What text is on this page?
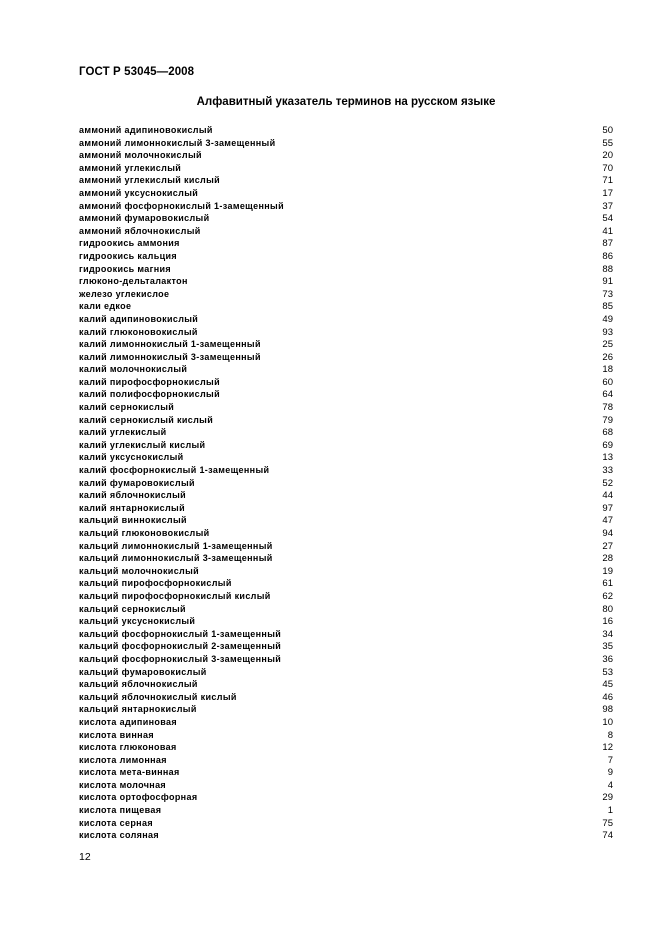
ГОСТ Р 53045—2008
Алфавитный указатель терминов на русском языке
аммоний адипиновокислый	50
аммоний лимоннокислый 3-замещенный	55
аммоний молочнокислый	20
аммоний углекислый	70
аммоний углекислый кислый	71
аммоний уксуснокислый	17
аммоний фосфорнокислый 1-замещенный	37
аммоний фумаровокислый	54
аммоний яблочнокислый	41
гидроокись аммония	87
гидроокись кальция	86
гидроокись магния	88
глюконо-дельталактон	91
железо углекислое	73
кали едкое	85
калий адипиновокислый	49
калий глюконовокислый	93
калий лимоннокислый 1-замещенный	25
калий лимоннокислый 3-замещенный	26
калий молочнокислый	18
калий пирофосфорнокислый	60
калий полифосфорнокислый	64
калий сернокислый	78
калий сернокислый кислый	79
калий углекислый	68
калий углекислый кислый	69
калий уксуснокислый	13
калий фосфорнокислый 1-замещенный	33
калий фумаровокислый	52
калий яблочнокислый	44
калий янтарнокислый	97
кальций виннокислый	47
кальций глюконовокислый	94
кальций лимоннокислый 1-замещенный	27
кальций лимоннокислый 3-замещенный	28
кальций молочнокислый	19
кальций пирофосфорнокислый	61
кальций пирофосфорнокислый кислый	62
кальций сернокислый	80
кальций уксуснокислый	16
кальций фосфорнокислый 1-замещенный	34
кальций фосфорнокислый 2-замещенный	35
кальций фосфорнокислый 3-замещенный	36
кальций фумаровокислый	53
кальций яблочнокислый	45
кальций яблочнокислый кислый	46
кальций янтарнокислый	98
кислота адипиновая	10
кислота винная	8
кислота глюконовая	12
кислота лимонная	7
кислота мета-винная	9
кислота молочная	4
кислота ортофосфорная	29
кислота пищевая	1
кислота серная	75
кислота соляная	74
12
